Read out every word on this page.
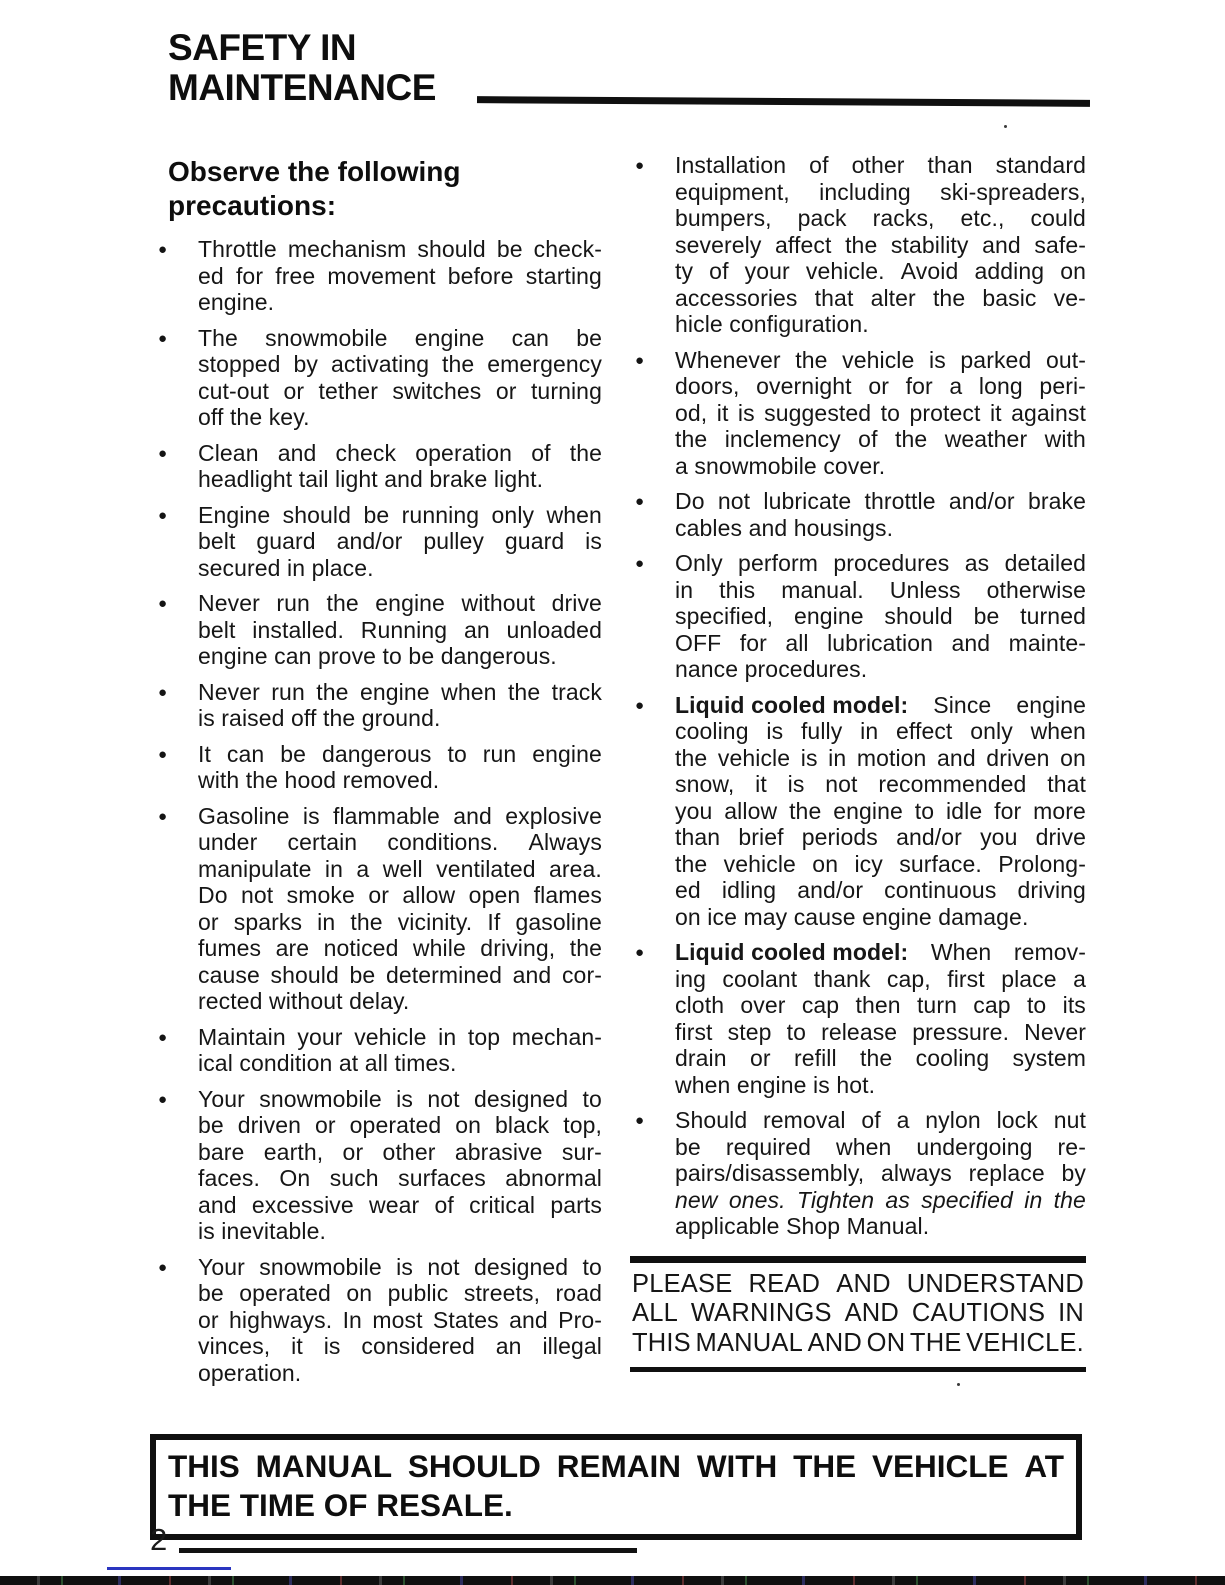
SAFETY IN
MAINTENANCE
Observe the following
precautions:
●	Throttle mechanism should be check-
ed for free movement before starting
engine.
●	The snowmobile engine can be
stopped by activating the emergency
cut-out or tether switches or turning
off the key.
●	Clean and check operation of the
headlight tail light and brake light.
●	Engine should be running only when
belt guard and/or pulley guard is
secured in place.
●	Never run the engine without drive
belt installed. Running an unloaded
engine can prove to be dangerous.
●	Never run the engine when the track
is raised off the ground.
●	It can be dangerous to run engine
with the hood removed.
●	Gasoline is flammable and explosive
under certain conditions. Always
manipulate in a well ventilated area.
Do not smoke or allow open flames
or sparks in the vicinity. If gasoline
fumes are noticed while driving, the
cause should be determined and cor-
rected without delay.
●	Maintain your vehicle in top mechan-
ical condition at all times.
●	Your snowmobile is not designed to
be driven or operated on black top,
bare earth, or other abrasive sur-
faces. On such surfaces abnormal
and excessive wear of critical parts
is inevitable.
●	Your snowmobile is not designed to
be operated on public streets, road
or highways. In most States and Pro-
vinces, it is considered an illegal
operation.
●	Installation of other than standard
equipment, including ski-spreaders,
bumpers, pack racks, etc., could
severely affect the stability and safe-
ty of your vehicle. Avoid adding on
accessories that alter the basic ve-
hicle configuration.
●	Whenever the vehicle is parked out-
doors, overnight or for a long peri-
od, it is suggested to protect it against
the inclemency of the weather with
a snowmobile cover.
●	Do not lubricate throttle and/or brake
cables and housings.
●	Only perform procedures as detailed
in this manual. Unless otherwise
specified, engine should be turned
OFF for all lubrication and mainte-
nance procedures.
●	Liquid cooled model: Since engine
cooling is fully in effect only when
the vehicle is in motion and driven on
snow, it is not recommended that
you allow the engine to idle for more
than brief periods and/or you drive
the vehicle on icy surface. Prolong-
ed idling and/or continuous driving
on ice may cause engine damage.
●	Liquid cooled model: When remov-
ing coolant thank cap, first place a
cloth over cap then turn cap to its
first step to release pressure. Never
drain or refill the cooling system
when engine is hot.
●	Should removal of a nylon lock nut
be required when undergoing re-
pairs/disassembly, always replace by
new ones. Tighten as specified in the
applicable Shop Manual.
PLEASE READ AND UNDERSTAND
ALL WARNINGS AND CAUTIONS IN
THIS MANUAL AND ON THE VEHICLE.
THIS MANUAL SHOULD REMAIN WITH THE VEHICLE AT
THE TIME OF RESALE.
2
